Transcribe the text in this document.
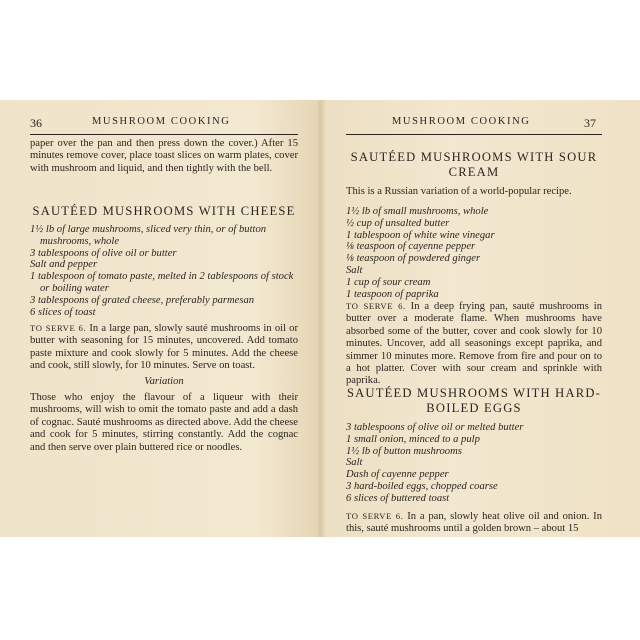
36	MUSHROOM COOKING
paper over the pan and then press down the cover.) After 15 minutes remove cover, place toast slices on warm plates, cover with mushroom and liquid, and then tightly with the bell.
SAUTÉED MUSHROOMS WITH CHEESE
1½ lb of large mushrooms, sliced very thin, or of button mushrooms, whole
3 tablespoons of olive oil or butter
Salt and pepper
1 tablespoon of tomato paste, melted in 2 tablespoons of stock or boiling water
3 tablespoons of grated cheese, preferably parmesan
6 slices of toast
TO SERVE 6. In a large pan, slowly sauté mushrooms in oil or butter with seasoning for 15 minutes, uncovered. Add tomato paste mixture and cook slowly for 5 minutes. Add the cheese and cook, still slowly, for 10 minutes. Serve on toast.
Variation
Those who enjoy the flavour of a liqueur with their mushrooms, will wish to omit the tomato paste and add a dash of cognac. Sauté mushrooms as directed above. Add the cheese and cook for 5 minutes, stirring constantly. Add the cognac and then serve over plain buttered rice or noodles.
MUSHROOM COOKING	37
SAUTÉED MUSHROOMS WITH SOUR CREAM
This is a Russian variation of a world-popular recipe.
1½ lb of small mushrooms, whole
½ cup of unsalted butter
1 tablespoon of white wine vinegar
⅛ teaspoon of cayenne pepper
⅛ teaspoon of powdered ginger
Salt
1 cup of sour cream
1 teaspoon of paprika
TO SERVE 6. In a deep frying pan, sauté mushrooms in butter over a moderate flame. When mushrooms have absorbed some of the butter, cover and cook slowly for 10 minutes. Uncover, add all seasonings except paprika, and simmer 10 minutes more. Remove from fire and pour on to a hot platter. Cover with sour cream and sprinkle with paprika.
SAUTÉED MUSHROOMS WITH HARD-BOILED EGGS
3 tablespoons of olive oil or melted butter
1 small onion, minced to a pulp
1½ lb of button mushrooms
Salt
Dash of cayenne pepper
3 hard-boiled eggs, chopped coarse
6 slices of buttered toast
TO SERVE 6. In a pan, slowly heat olive oil and onion. In this, sauté mushrooms until a golden brown – about 15
